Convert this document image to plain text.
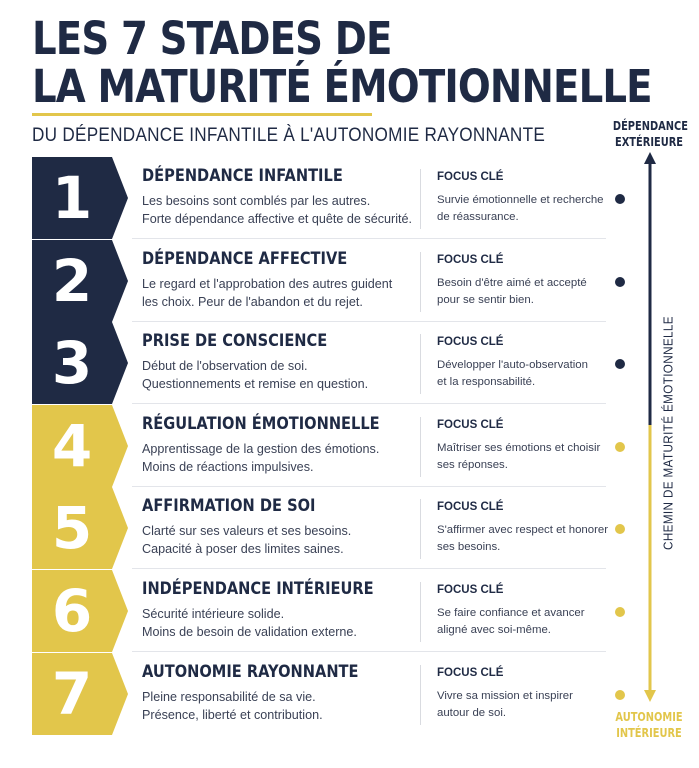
LES 7 STADES DE
LA MATURITÉ ÉMOTIONNELLE
DU DÉPENDANCE INFANTILE À L'AUTONOMIE RAYONNANTE
1	DÉPENDANCE INFANTILE
Les besoins sont comblés par les autres.
Forte dépendance affective et quête de sécurité.
FOCUS CLÉ
Survie émotionnelle et recherche
de réassurance.
2	DÉPENDANCE AFFECTIVE
Le regard et l'approbation des autres guident
les choix. Peur de l'abandon et du rejet.
FOCUS CLÉ
Besoin d'être aimé et accepté
pour se sentir bien.
3	PRISE DE CONSCIENCE
Début de l'observation de soi.
Questionnements et remise en question.
FOCUS CLÉ
Développer l'auto-observation
et la responsabilité.
4	RÉGULATION ÉMOTIONNELLE
Apprentissage de la gestion des émotions.
Moins de réactions impulsives.
FOCUS CLÉ
Maîtriser ses émotions et choisir
ses réponses.
5	AFFIRMATION DE SOI
Clarté sur ses valeurs et ses besoins.
Capacité à poser des limites saines.
FOCUS CLÉ
S'affirmer avec respect et honorer
ses besoins.
6	INDÉPENDANCE INTÉRIEURE
Sécurité intérieure solide.
Moins de besoin de validation externe.
FOCUS CLÉ
Se faire confiance et avancer
aligné avec soi-même.
7	AUTONOMIE RAYONNANTE
Pleine responsabilité de sa vie.
Présence, liberté et contribution.
FOCUS CLÉ
Vivre sa mission et inspirer
autour de soi.
DÉPENDANCE
EXTÉRIEURE
CHEMIN DE MATURITÉ ÉMOTIONNELLE
AUTONOMIE
INTÉRIEURE
